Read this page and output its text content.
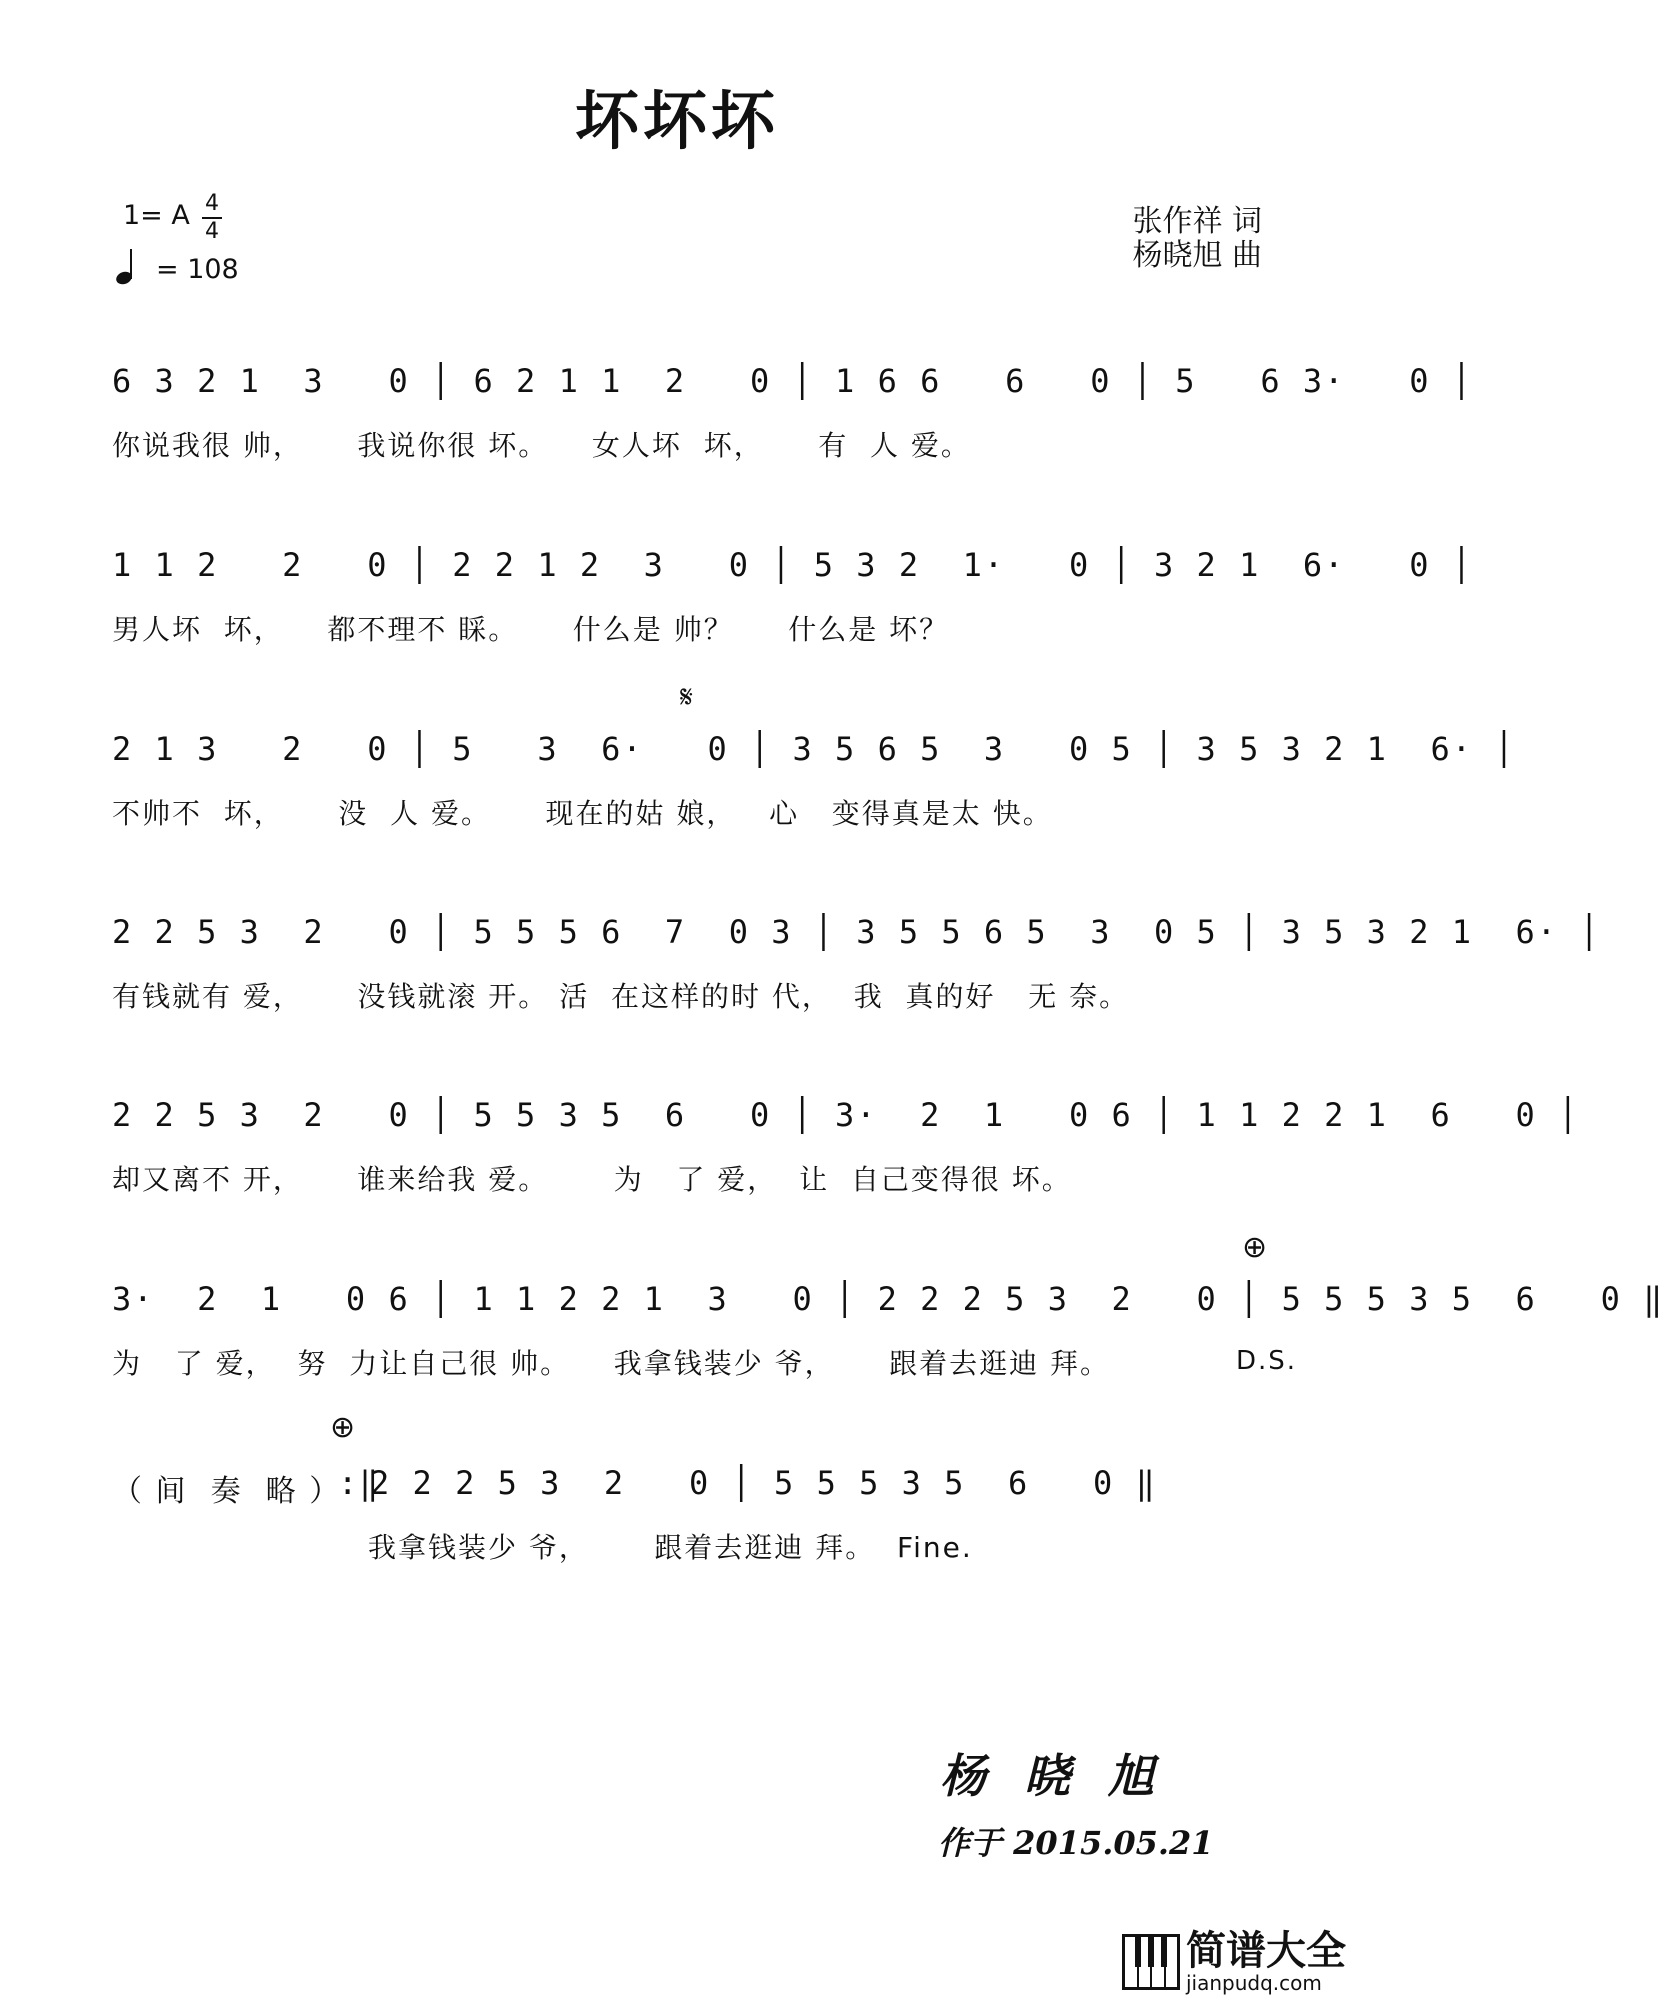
坏坏坏
1= A 4
4
= 108
张作祥 词
杨晓旭 曲
6 3 2 1  3   0 │ 6 2 1 1  2   0 │ 1 6 6   6   0 │ 5   6 3·   0 │
你说我很 帅，     我说你很 坏。    女人坏  坏，     有  人 爱。
1 1 2   2   0 │ 2 2 1 2  3   0 │ 5 3 2  1·   0 │ 3 2 1  6·   0 │
男人坏  坏，    都不理不 睬。     什么是 帅？     什么是 坏？
𝄋
2 1 3   2   0 │ 5   3  6·   0 │ 3 5 6 5  3   0 5 │ 3 5 3 2 1  6· │
不帅不  坏，     没  人 爱。     现在的姑 娘，   心   变得真是太 快。
2 2 5 3  2   0 │ 5 5 5 6  7  0 3 │ 3 5 5 6 5  3  0 5 │ 3 5 3 2 1  6· │
有钱就有 爱，     没钱就滚 开。 活  在这样的时 代，  我  真的好   无 奈。
2 2 5 3  2   0 │ 5 5 3 5  6   0 │ 3·  2  1   0 6 │ 1 1 2 2 1  6   0 │
却又离不 开，     谁来给我 爱。      为   了 爱，  让  自己变得很 坏。
⊕
3·  2  1   0 6 │ 1 1 2 2 1  3   0 │ 2 2 2 5 3  2   0 │ 5 5 5 3 5  6   0 ‖
为   了 爱，  努  力让自己很 帅。    我拿钱装少 爷，     跟着去逛迪 拜。	D.S.
⊕
（ 间  奏  略 ）
:‖
2 2 2 5 3  2   0 │ 5 5 5 3 5  6   0 ‖
我拿钱装少 爷，      跟着去逛迪 拜。  Fine.
杨晓旭
作于 2015.05.21
简谱大全
jianpudq.com
